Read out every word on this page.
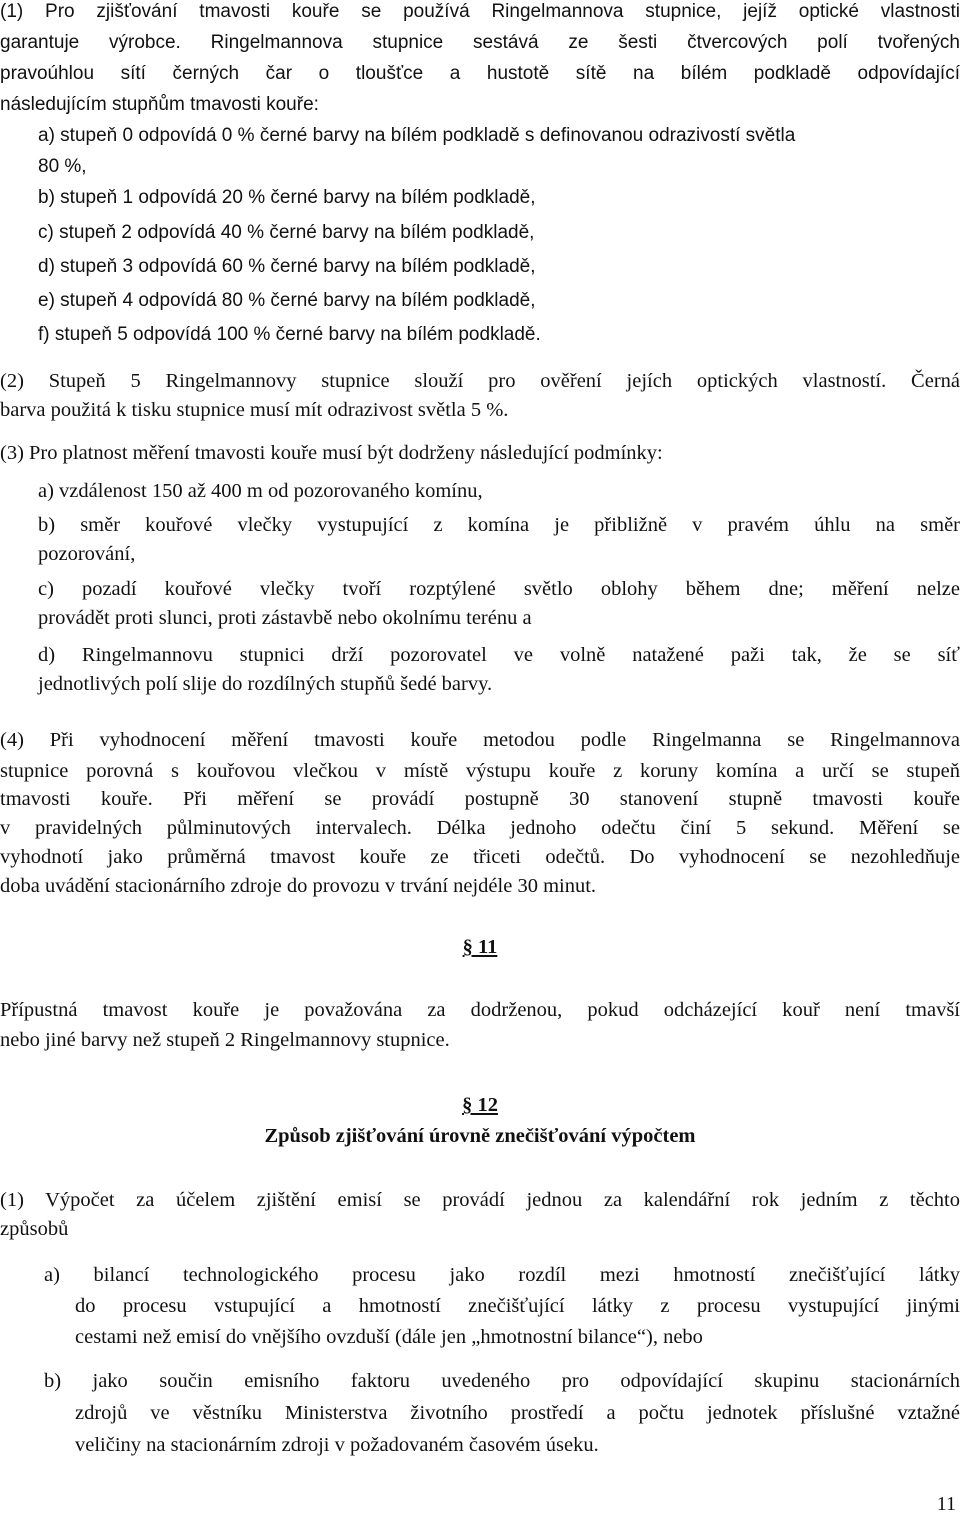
(1) Pro zjišťování tmavosti kouře se používá Ringelmannova stupnice, jejíž optické vlastnosti
garantuje výrobce. Ringelmannova stupnice sestává ze šesti čtvercových polí tvořených
pravoúhlou sítí černých čar o tloušťce a hustotě sítě na bílém podkladě odpovídající
následujícím stupňům tmavosti kouře:
a) stupeň 0 odpovídá 0 % černé barvy na bílém podkladě s definovanou odrazivostí světla
80 %,
b) stupeň 1 odpovídá 20 % černé barvy na bílém podkladě,
c) stupeň 2 odpovídá 40 % černé barvy na bílém podkladě,
d) stupeň 3 odpovídá 60 % černé barvy na bílém podkladě,
e) stupeň 4 odpovídá 80 % černé barvy na bílém podkladě,
f) stupeň 5 odpovídá 100 % černé barvy na bílém podkladě.
(2) Stupeň 5 Ringelmannovy stupnice slouží pro ověření jejích optických vlastností. Černá
barva použitá k tisku stupnice musí mít odrazivost světla 5 %.
(3) Pro platnost měření tmavosti kouře musí být dodrženy následující podmínky:
a) vzdálenost 150 až 400 m od pozorovaného komínu,
b) směr kouřové vlečky vystupující z komína je přibližně v pravém úhlu na směr
pozorování,
c) pozadí kouřové vlečky tvoří rozptýlené světlo oblohy během dne; měření nelze
provádět proti slunci, proti zástavbě nebo okolnímu terénu a
d) Ringelmannovu stupnici drží pozorovatel ve volně natažené paži tak, že se síť
jednotlivých polí slije do rozdílných stupňů šedé barvy.
(4) Při vyhodnocení měření tmavosti kouře metodou podle Ringelmanna se Ringelmannova
stupnice porovná s kouřovou vlečkou v místě výstupu kouře z koruny komína a určí se stupeň
tmavosti kouře. Při měření se provádí postupně 30 stanovení stupně tmavosti kouře
v pravidelných půlminutových intervalech. Délka jednoho odečtu činí 5 sekund. Měření se
vyhodnotí jako průměrná tmavost kouře ze třiceti odečtů. Do vyhodnocení se nezohledňuje
doba uvádění stacionárního zdroje do provozu v trvání nejdéle 30 minut.
§ 11
Přípustná tmavost kouře je považována za dodrženou, pokud odcházející kouř není tmavší
nebo jiné barvy než stupeň 2 Ringelmannovy stupnice.
§ 12
Způsob zjišťování úrovně znečišťování výpočtem
(1) Výpočet za účelem zjištění emisí se provádí jednou za kalendářní rok jedním z těchto
způsobů
a) bilancí technologického procesu jako rozdíl mezi hmotností znečišťující látky
do procesu vstupující a hmotností znečišťující látky z procesu vystupující jinými
cestami než emisí do vnějšího ovzduší (dále jen „hmotnostní bilance“), nebo
b) jako součin emisního faktoru uvedeného pro odpovídající skupinu stacionárních
zdrojů ve věstníku Ministerstva životního prostředí a počtu jednotek příslušné vztažné
veličiny na stacionárním zdroji v požadovaném časovém úseku.
11
